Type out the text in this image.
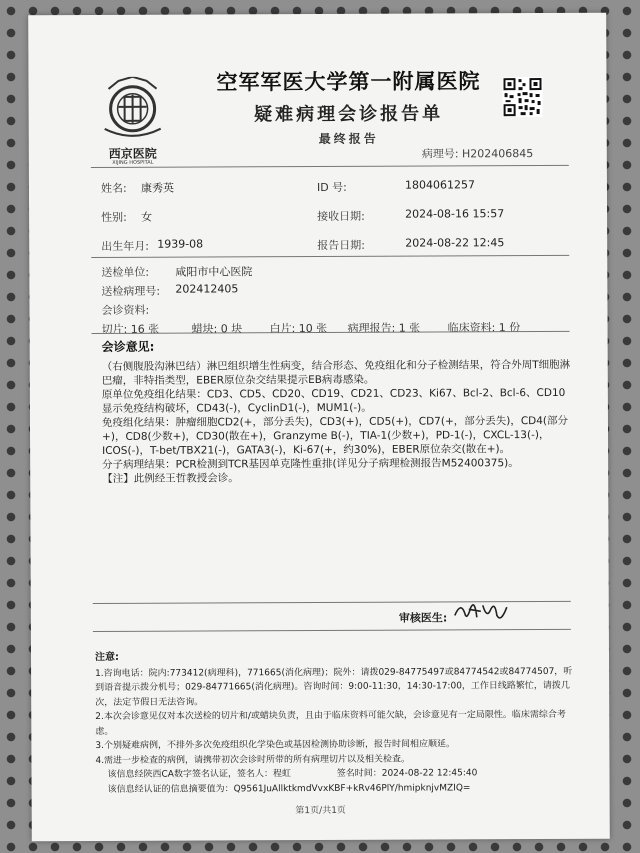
西京医院
XIJING HOSPITAL
空军军医大学第一附属医院
疑难病理会诊报告单
最终报告
病理号: H202406845
姓名: 康秀英	ID 号:	1804061257
性别: 女	接收日期:	2024-08-16 15:57
出生年月: 1939-08	报告日期:	2024-08-22 12:45
送检单位: 咸阳市中心医院
送检病理号: 202412405
会诊资料:
切片: 16 张	蜡块: 0 块 白片: 10 张 病理报告: 1 张 临床资料: 1 份
会诊意见:

（右侧腹股沟淋巴结）淋巴组织增生性病变，结合形态、免疫组化和分子检测结果，符合外周T细胞淋巴瘤，非特指类型，EBER原位杂交结果提示EB病毒感染。

原单位免疫组化结果：CD3、CD5、CD20、CD19、CD21、CD23、Ki67、Bcl-2、Bcl-6、CD10显示免疫结构破坏，CD43(-)，CyclinD1(-)，MUM1(-)。

免疫组化结果：肿瘤细胞CD2(+，部分丢失)，CD3(+)，CD5(+)，CD7(+，部分丢失)，CD4(部分+)，CD8(少数+)，CD30(散在+)，Granzyme B(-)，TIA-1(少数+)，PD-1(-)，CXCL-13(-)，ICOS(-)，T-bet/TBX21(-)，GATA3(-)，Ki-67(+，约30%)，EBER原位杂交(散在+)。

分子病理结果：PCR检测到TCR基因单克隆性重排(详见分子病理检测报告M52400375)。

【注】此例经王哲教授会诊。

审核医生:
注意:

1.咨询电话：院内:773412(病理科)，771665(消化病理)；院外：请拨029-84775497或84774542或84774507，听到语音提示拨分机号；029-84771665(消化病理)。咨询时间：9:00-11:30，14:30-17:00，工作日线路繁忙，请拨几次，法定节假日无法咨询。

2.本次会诊意见仅对本次送检的切片和/或蜡块负责，且由于临床资料可能欠缺，会诊意见有一定局限性。临床需综合考虑。

3.个别疑难病例，不排外多次免疫组织化学染色或基因检测协助诊断，报告时间相应顺延。

4.需进一步检查的病例，请携带初次会诊时所带的所有病理切片以及相关检查。

该信息经陕西CA数字签名认证，签名人：程虹	签名时间：2024-08-22 12:45:40

该信息经认证的信息摘要值为：Q9561JuAllktkmdVvxKBF+kRv46PlY/hmipknjvMZIQ=

第1页/共1页
